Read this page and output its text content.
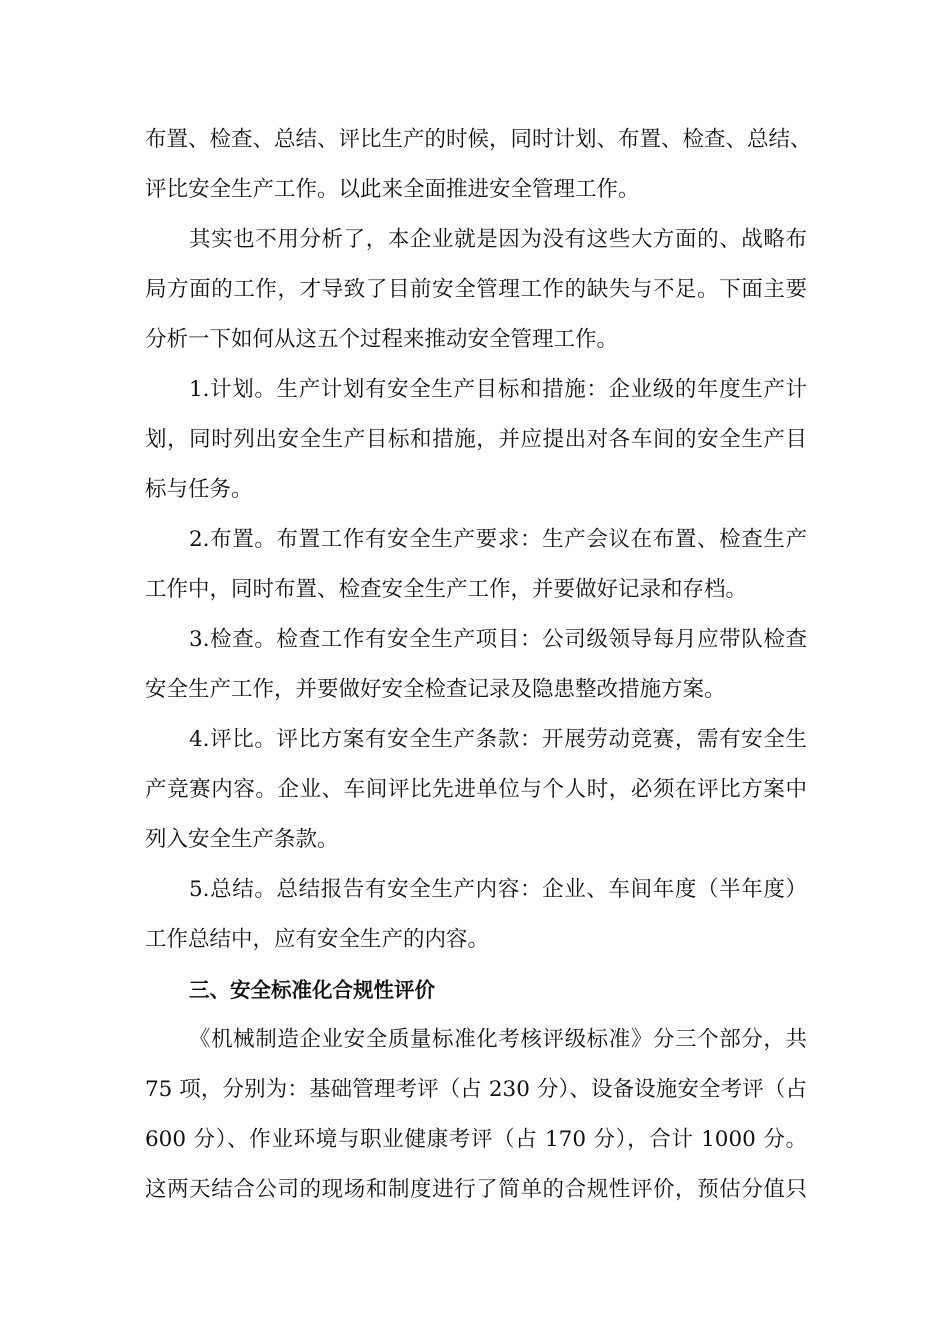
布置、检查、总结、评比生产的时候，同时计划、布置、检查、总结、
评比安全生产工作。以此来全面推进安全管理工作。
其实也不用分析了，本企业就是因为没有这些大方面的、战略布
局方面的工作，才导致了目前安全管理工作的缺失与不足。下面主要
分析一下如何从这五个过程来推动安全管理工作。
1.计划。生产计划有安全生产目标和措施：企业级的年度生产计
划，同时列出安全生产目标和措施，并应提出对各车间的安全生产目
标与任务。
2.布置。布置工作有安全生产要求：生产会议在布置、检查生产
工作中，同时布置、检查安全生产工作，并要做好记录和存档。
3.检查。检查工作有安全生产项目：公司级领导每月应带队检查
安全生产工作，并要做好安全检查记录及隐患整改措施方案。
4.评比。评比方案有安全生产条款：开展劳动竞赛，需有安全生
产竞赛内容。企业、车间评比先进单位与个人时，必须在评比方案中
列入安全生产条款。
5.总结。总结报告有安全生产内容：企业、车间年度（半年度）
工作总结中，应有安全生产的内容。
三、安全标准化合规性评价
《机械制造企业安全质量标准化考核评级标准》分三个部分，共
75 项，分别为：基础管理考评（占 230 分）、设备设施安全考评（占
600 分）、作业环境与职业健康考评（占 170 分），合计 1000 分。
这两天结合公司的现场和制度进行了简单的合规性评价，预估分值只
